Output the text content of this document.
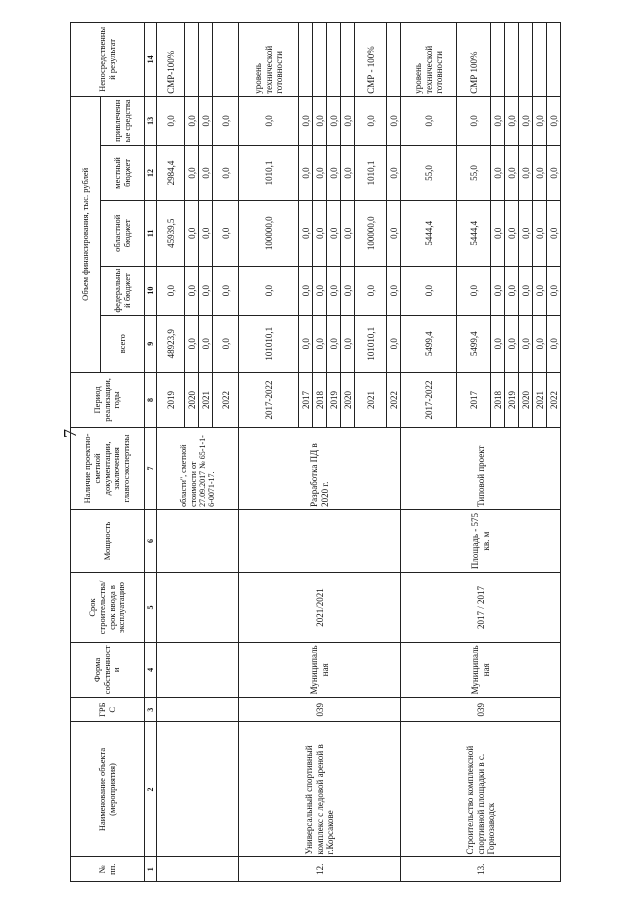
7
№ пп.	Наименование объекта (мероприятия)	ГРБС	Форма собственности	Срок строительства/срок ввода в эксплуатацию	Мощность	Наличие проектно-сметной документации, заключения главгосэкспертизы	Период реализации, годы	Объем финансирования, тыс. рублей					Непосредственный результат
								всего	федеральный бюджет	областной бюджет	местный бюджет	привлеченные средства	
1	2	3	4	5	6	7	8	9	10	11	12	13	14
						области", сметной стоимости от 27.09.2017 № 65-1-1-6-0071-17.	2019	48923,9	0,0	45939,5	2984,4	0,0	СМР-100%
							2020	0,0	0,0	0,0	0,0	0,0	
							2021	0,0	0,0	0,0	0,0	0,0	
							2022	0,0	0,0	0,0	0,0	0,0	
12.	Универсальный спортивный комплекс с ледовой ареной в г.Корсакове	039	Муниципальная	2021/2021		Разработка ПД в 2020 г.	2017-2022	101010,1	0,0	100000,0	1010,1	0,0	уровень технической готовности
							2017	0,0	0,0	0,0	0,0	0,0	
							2018	0,0	0,0	0,0	0,0	0,0	
							2019	0,0	0,0	0,0	0,0	0,0	
							2020	0,0	0,0	0,0	0,0	0,0	
							2021	101010,1	0,0	100000,0	1010,1	0,0	СМР - 100%
							2022	0,0	0,0	0,0	0,0	0,0	
13.	Строительство комплексной спортивной площадки в с. Горнозаводск	039	Муниципальная	2017 / 2017	Площадь - 575 кв. м	Типовой проект	2017-2022	5499,4	0,0	5444,4	55,0	0,0	уровень технической готовности
							2017	5499,4	0,0	5444,4	55,0	0,0	СМР 100%
							2018	0,0	0,0	0,0	0,0	0,0	
							2019	0,0	0,0	0,0	0,0	0,0	
							2020	0,0	0,0	0,0	0,0	0,0	
							2021	0,0	0,0	0,0	0,0	0,0	
							2022	0,0	0,0	0,0	0,0	0,0	
